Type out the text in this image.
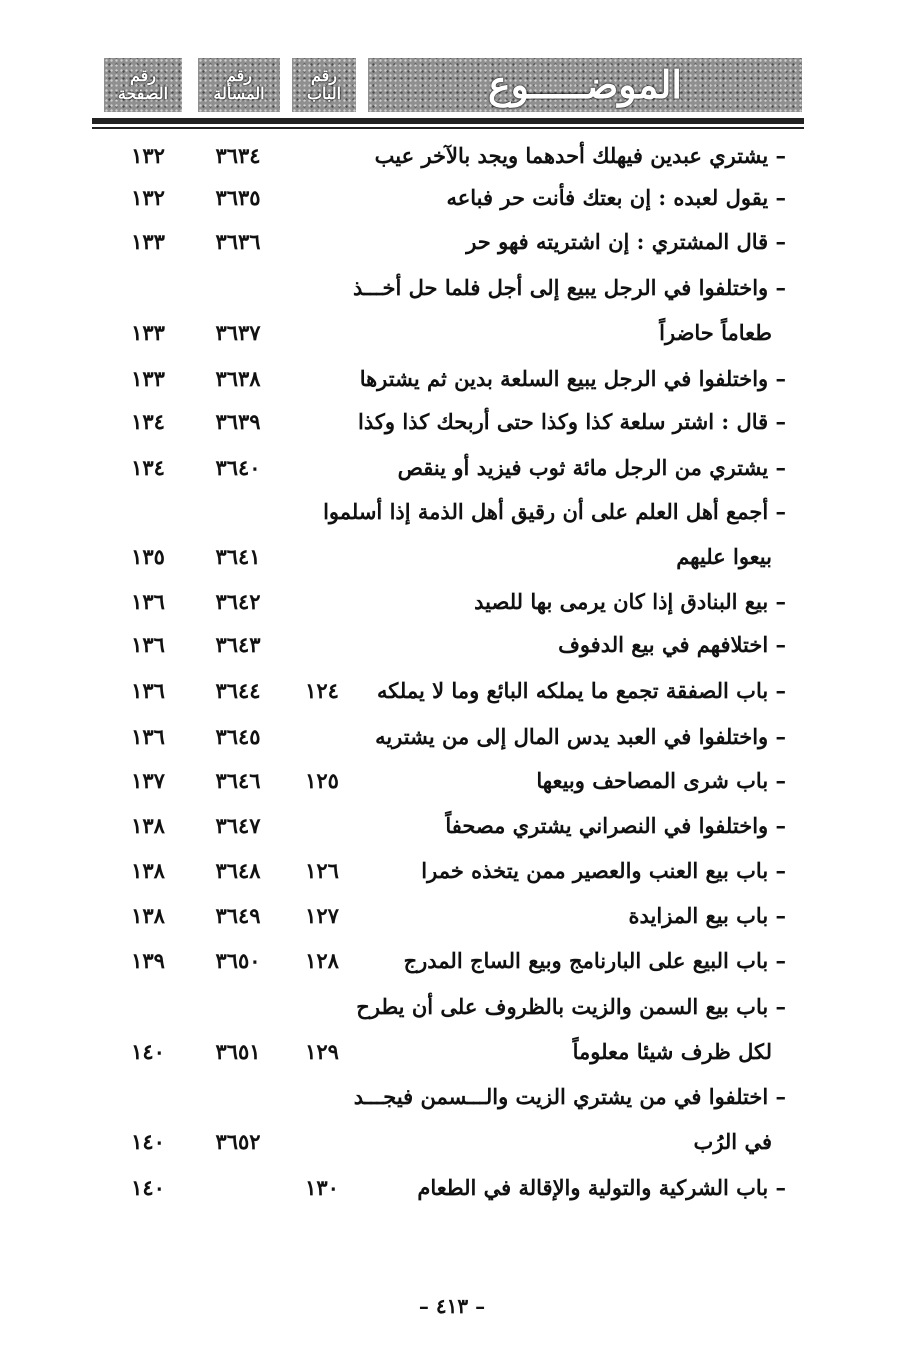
الموضـــــوع
رقم
الباب
رقم
المسألة
رقم
الصفحة
– يشتري عبدين فيهلك أحدهما ويجد بالآخر عيب
٣٦٣٤
١٣٢
– يقول لعبده : إن بعتك فأنت حر فباعه
٣٦٣٥
١٣٢
– قال المشتري : إن اشتريته فهو حر
٣٦٣٦
١٣٣
– واختلفوا في الرجل يبيع إلى أجل فلما حل أخـــذ
طعاماً حاضراً
٣٦٣٧
١٣٣
– واختلفوا في الرجل يبيع السلعة بدين ثم يشترها
٣٦٣٨
١٣٣
– قال : اشتر سلعة كذا وكذا حتى أربحك كذا وكذا
٣٦٣٩
١٣٤
– يشتري من الرجل مائة ثوب فيزيد أو ينقص
٣٦٤٠
١٣٤
– أجمع أهل العلم على أن رقيق أهل الذمة إذا أسلموا
بيعوا عليهم
٣٦٤١
١٣٥
– بيع البنادق إذا كان يرمى بها للصيد
٣٦٤٢
١٣٦
– اختلافهم في بيع الدفوف
٣٦٤٣
١٣٦
– باب الصفقة تجمع ما يملكه البائع وما لا يملكه
١٢٤
٣٦٤٤
١٣٦
– واختلفوا في العبد يدس المال إلى من يشتريه
٣٦٤٥
١٣٦
– باب شرى المصاحف وبيعها
١٢٥
٣٦٤٦
١٣٧
– واختلفوا في النصراني يشتري مصحفاً
٣٦٤٧
١٣٨
– باب بيع العنب والعصير ممن يتخذه خمرا
١٢٦
٣٦٤٨
١٣٨
– باب بيع المزايدة
١٢٧
٣٦٤٩
١٣٨
– باب البيع على البارنامج وبيع الساج المدرج
١٢٨
٣٦٥٠
١٣٩
– باب بيع السمن والزيت بالظروف على أن يطرح
لكل ظرف شيئا معلوماً
١٢٩
٣٦٥١
١٤٠
– اختلفوا في من يشتري الزيت والـــسمن فيجـــد
في الرُب
٣٦٥٢
١٤٠
– باب الشركية والتولية والإقالة في الطعام
١٣٠
١٤٠
– ٤١٣ –
